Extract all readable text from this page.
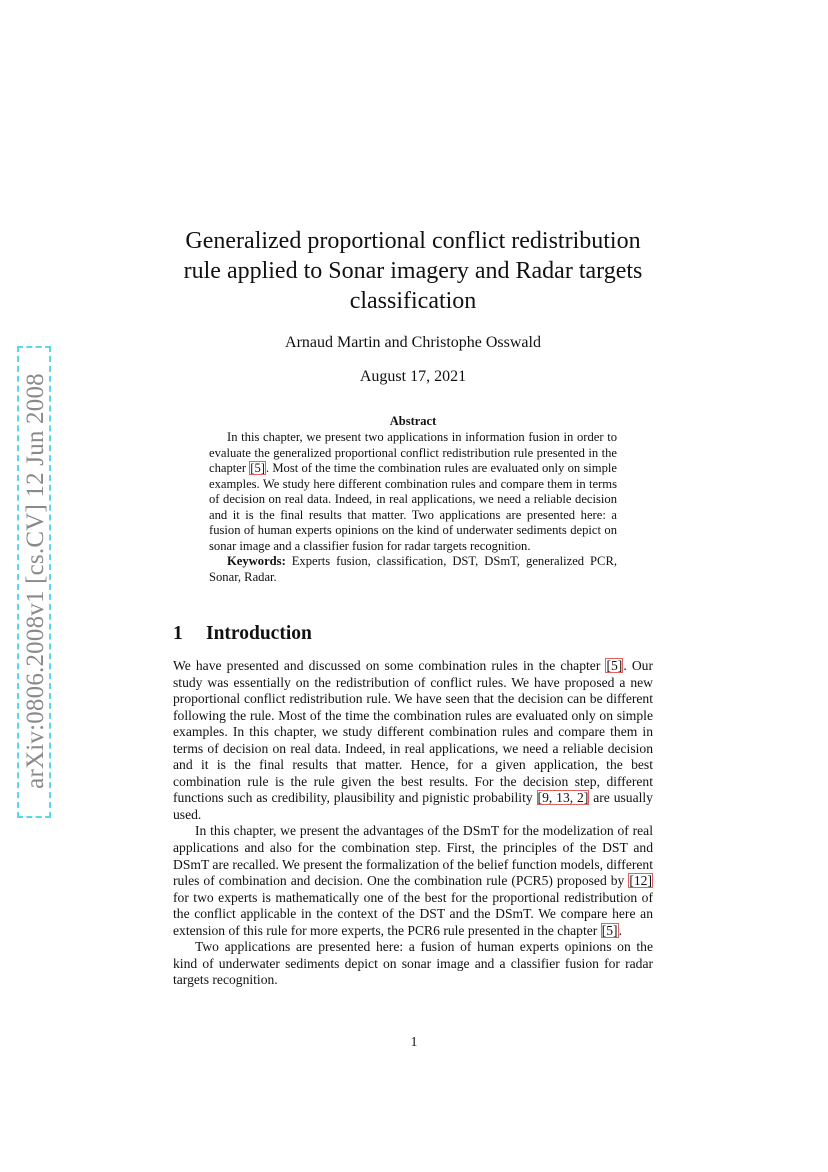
arXiv:0806.2008v1 [cs.CV] 12 Jun 2008
Generalized proportional conflict redistribution rule applied to Sonar imagery and Radar targets classification
Arnaud Martin and Christophe Osswald
August 17, 2021
Abstract

In this chapter, we present two applications in information fusion in order to evaluate the generalized proportional conflict redistribution rule presented in the chapter [5]. Most of the time the combination rules are evaluated only on simple examples. We study here different combination rules and compare them in terms of decision on real data. Indeed, in real applications, we need a reliable decision and it is the final results that matter. Two applications are presented here: a fusion of human experts opinions on the kind of underwater sediments depict on sonar image and a classifier fusion for radar targets recognition.

Keywords: Experts fusion, classification, DST, DSmT, generalized PCR, Sonar, Radar.

1 Introduction

We have presented and discussed on some combination rules in the chapter [5]. Our study was essentially on the redistribution of conflict rules. We have proposed a new proportional conflict redistribution rule. We have seen that the decision can be different following the rule. Most of the time the combination rules are evaluated only on simple examples. In this chapter, we study different combination rules and compare them in terms of decision on real data. Indeed, in real applications, we need a reliable decision and it is the final results that matter. Hence, for a given application, the best combination rule is the rule given the best results. For the decision step, different functions such as credibility, plausibility and pignistic probability [9, 13, 2] are usually used.

In this chapter, we present the advantages of the DSmT for the modelization of real applications and also for the combination step. First, the principles of the DST and DSmT are recalled. We present the formalization of the belief function models, different rules of combination and decision. One the combination rule (PCR5) proposed by [12] for two experts is mathematically one of the best for the proportional redistribution of the conflict applicable in the context of the DST and the DSmT. We compare here an extension of this rule for more experts, the PCR6 rule presented in the chapter [5].

Two applications are presented here: a fusion of human experts opinions on the kind of underwater sediments depict on sonar image and a classifier fusion for radar targets recognition.

1
